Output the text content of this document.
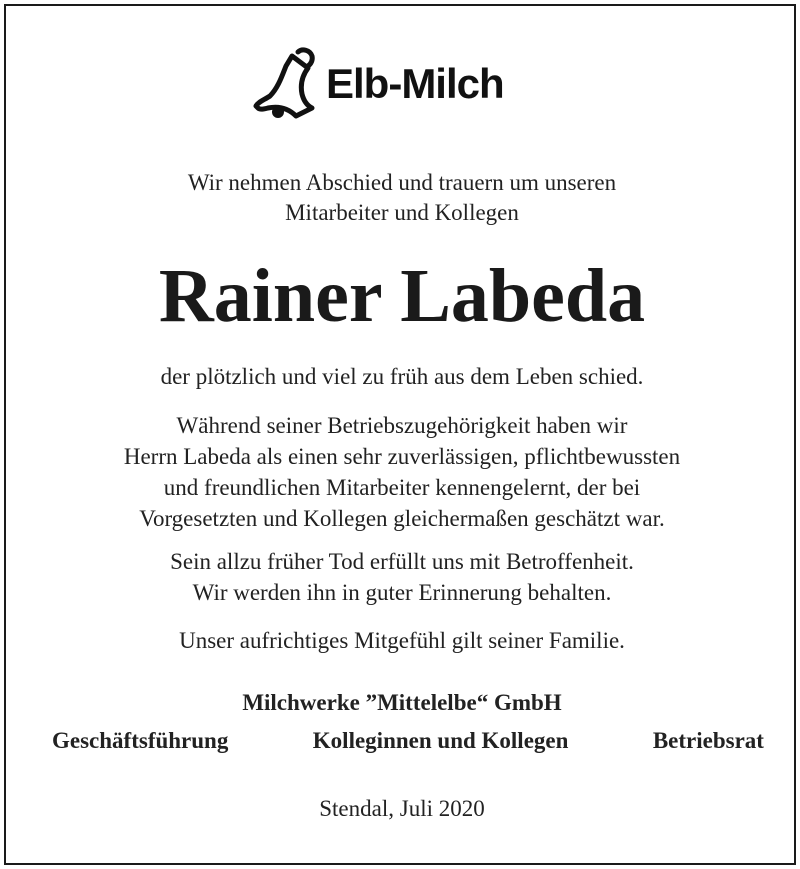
Elb-Milch
Wir nehmen Abschied und trauern um unseren
Mitarbeiter und Kollegen
Rainer Labeda
der plötzlich und viel zu früh aus dem Leben schied.
Während seiner Betriebszugehörigkeit haben wir
Herrn Labeda als einen sehr zuverlässigen, pflichtbewussten
und freundlichen Mitarbeiter kennengelernt, der bei
Vorgesetzten und Kollegen gleichermaßen geschätzt war.
Sein allzu früher Tod erfüllt uns mit Betroffenheit.
Wir werden ihn in guter Erinnerung behalten.
Unser aufrichtiges Mitgefühl gilt seiner Familie.
Milchwerke ”Mittelelbe“ GmbH
Geschäftsführung	Kolleginnen und Kollegen	Betriebsrat
Stendal, Juli 2020
